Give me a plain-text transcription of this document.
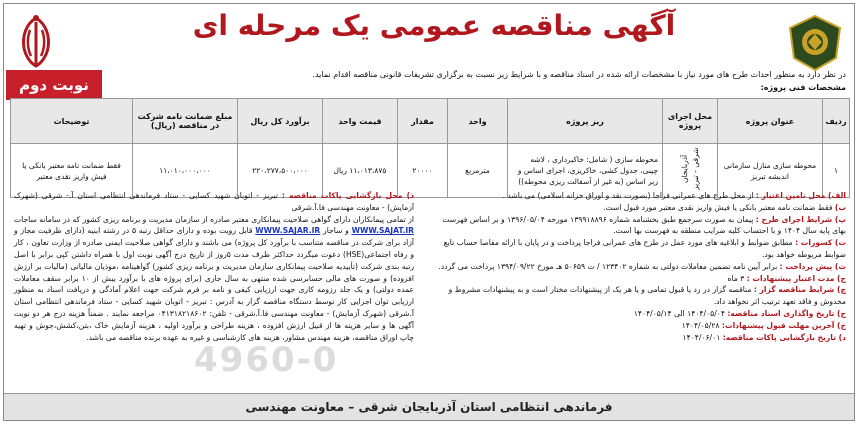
آگهی مناقصه عمومی یک مرحله ای
نوبت دوم

در نظر دارد به منظور احداث طرح های مورد نیاز با مشخصات ارائه شده در اسناد مناقصه و با شرایط زیر نسبت به برگزاری تشریفات قانونی مناقصه اقدام نماید.

مشخصات فنی پروژه:

ردیف	عنوان پروژه	محل اجرای پروژه	ریز پروژه	واحد	مقدار	قیمت واحد	برآورد کل ریال	مبلغ ضمانت نامه شرکت در مناقصه (ریال)	توضیحات
۱	محوطه سازی منازل سازمانی اندیشه تبریز	آذربایجان شرقی - تبریز	محوطه سازی ( شامل: خاکبرداری ، لاشه چینی، جدول کشی، خاکریزی، اجرای اساس و زیر اساس (به غیر از آسفالت ریزی محوطه))	مترمربع	۲۰۰۰۰	۱۱،۰۱۳،۸۷۵ ریال	۲۲۰،۲۷۷،۵۰۰،۰۰۰	۱۱،۰۱۰،۰۰۰،۰۰۰	فقط ضمانت نامه معتبر بانکی یا فیش واریز نقدی معتبر
4960-0

الف) محل تامین اعتبار : از محل طرح های عمرانی فراجا (بصورت نقد و اوراق خزانه اسلامی) می باشد .

ب) فقط ضمانت نامه معتبر بانکی یا فیش واریز نقدی معتبر مورد قبول است.

پ) شرایط اجرای طرح : پیمان به صورت سرجمع طبق بخشنامه شماره ۱۳۹۹۱۸۸۹۶ مورخه ۱۳۹۶/۰۵/۰۴ و بر اساس فهرست بهای پایه سال ۱۴۰۴ و با احتساب کلیه ضرایب منطقه به فهرست بها است.

ت) کسورات : مطابق ضوابط و ابلاغیه های مورد عمل در طرح های عمرانی فراجا پرداخت و در پایان با ارائه مفاصا حساب تایع ضوابط مربوطه خواهد بود.

ث) پیش پرداخت : برابر آیین نامه تضمین معاملات دولتی به شماره ۱۲۳۴۰۲ / ت ۵۰۶۵۹ هـ مورخ ۱۳۹۴/۰۹/۲۲ پرداخت می گردد.

ج) مدت اعتبار پیشنهادات : ۳ ماه

چ) شرایط مناقصه گزار : مناقصه گزار در رد یا قبول تمامی و یا هر یک از پیشنهادات مختار است و به پیشنهادات مشروط و مخدوش و فاقد تعهد ترتیب اثر نخواهد داد.

ح) تاریخ واگذاری اسناد مناقصه: ۱۴۰۴/۰۵/۰۴ الی ۱۴۰۴/۰۵/۱۴

خ) آخرین مهلت قبول پیشنهادات: ۱۴۰۴/۰۵/۲۸

د) تاریخ بازگشایی پاکات مناقصه: ۱۴۰۴/۰۶/۰۱

ذ) محل بازگشایی پاکات مناقصه : تبریز - اتوبان شهید کسایی - ستاد فرماندهی انتظامی استان آ.- شرقی (شهرک آزمایش) - معاونت مهندسی فا.آ.شرقی

از تمامی پیمانکاران دارای گواهی صلاحیت پیمانکاری معتبر صادره از سازمان مدیریت و برنامه ریزی کشور که در سامانه ساجات WWW.SAJAT.IR و ساجار WWW.SAJAR.IR قابل رویت بوده و دارای حداقل رتبه ۵ در رشته ابنیه (دارای ظرفیت مجاز و آزاد برای شرکت در مناقصه متناسب با برآورد کل پروژه) می باشند و دارای گواهی صلاحیت ایمنی صادره از وزارت تعاون ، کار و رفاه اجتماعی(HSE) دعوت میگردد حداکثر ظرف مدت ۵روز از تاریخ درج آگهی نوبت اول با همراه داشتن کپی برابر با اصل رتبه بندی شرکت (تأییدیه صلاحیت پیمانکاری سازمان مدیریت و برنامه ریزی کشور) گواهینامه ،موذیان مالیاتی (مالیات بر ارزش افزوده) و صورت های مالی حسابرسی شده منتهی به سال جاری (برای پروژه های با برآورد بیش از ۱۰ برابر سقف معاملات عمده دولتی) و یک جلد رزومه کاری جهت ارزیابی کیفی و نامه بر فرم شرکت جهت اعلام آمادگی و دریافت اسناد به منظور ارزیابی توان اجرایی کار توسط دستگاه مناقصه گزار به آدرس : تبریز - اتوبان شهید کسایی - ستاد فرماندهی انتظامی استان آ.شرقی (شهرک آزمایش) - معاونت مهندسی فا.آ.شرقی - تلفن: ۰۴۱۳۱۸۲۱۸۶۰۲ مراجعه نمایند . ضمناً هزینه درج هر دو نوبت آگهی ها و سایر هزینه ها از قبیل ارزش افزوده ، هزینه طراحی و برآورد اولیه ، هزینه آزمایش خاک ،بتن،کشش،جوش و تهیه چاپ اوراق مناقصه، هزینه مهندس مشاور، هزینه های کارشناسی و غیره به عهده برنده مناقصه می باشد.

فرماندهی انتظامی استان آذربایجان شرقی – معاونت مهندسی
